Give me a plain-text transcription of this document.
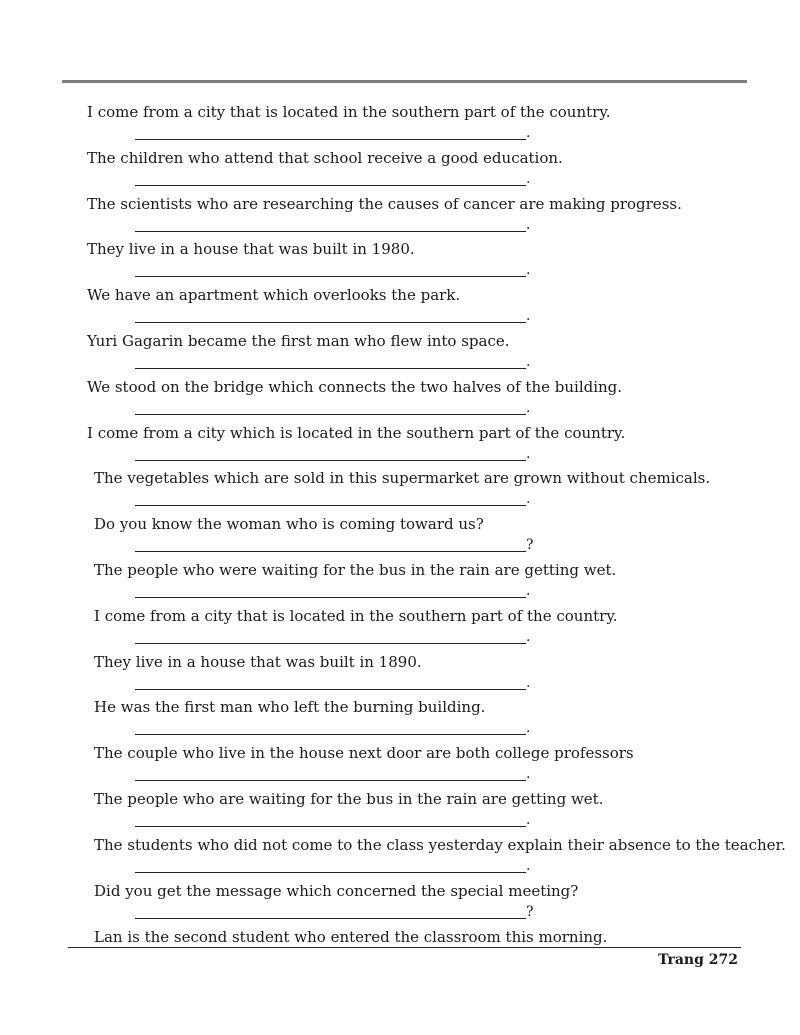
I come from a city that is located in the southern part of the country.
.
The children who attend that school receive a good education.
.
The scientists who are researching the causes of cancer are making progress.
.
They live in a house that was built in 1980.
.
We have an apartment which overlooks the park.
.
Yuri Gagarin became the first man who flew into space.
.
We stood on the bridge which connects the two halves of the building.
.
I come from a city which is located in the southern part of the country.
.
The vegetables which are sold in this supermarket are grown without chemicals.
.
Do you know the woman who is coming toward us?
?
The people who were waiting for the bus in the rain are getting wet.
.
I come from a city that is located in the southern part of the country.
.
They live in a house that was built in 1890.
.
He was the first man who left the burning building.
.
The couple who live in the house next door are both college professors
.
The people who are waiting for the bus in the rain are getting wet.
.
The students who did not come to the class yesterday explain their absence to the teacher.
.
Did you get the message which concerned the special meeting?
?
Lan is the second student who entered the classroom this morning.
Trang 272
